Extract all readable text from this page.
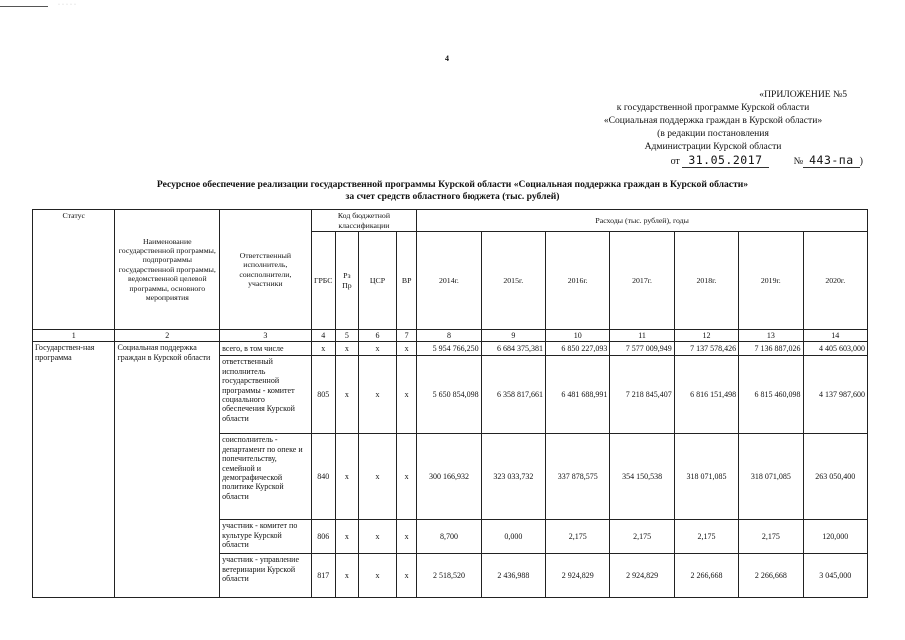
·····
4
«ПРИЛОЖЕНИЕ №5
к государственной программе Курской области
«Социальная поддержка граждан в Курской области»
(в редакции постановления
Администрации Курской области
от 31.05.2017	№ 443-па )
Ресурсное обеспечение реализации государственной программы Курской области «Социальная поддержка граждан в Курской области»
за счет средств областного бюджета (тыс. рублей)
Статус	Наименование государственной программы, подпрограммы государственной программы, ведомственной целевой программы, основного мероприятия	Ответственный исполнитель, соисполнители, участники	Код бюджетной классификации				Расходы (тыс. рублей), годы						
			ГРБС	Рз Пр	ЦСР	ВР	2014г.	2015г.	2016г.	2017г.	2018г.	2019г.	2020г.
1	2	3	4	5	6	7	8	9	10	11	12	13	14
Государствен-ная программа	Социальная поддержка граждан в Курской области	всего, в том числе	х	х	х	х	5 954 766,250	6 684 375,381	6 850 227,093	7 577 009,949	7 137 578,426	7 136 887,026	4 405 603,000
		ответственный исполнитель государственной программы - комитет социального обеспечения Курской области	805	х	х	х	5 650 854,098	6 358 817,661	6 481 688,991	7 218 845,407	6 816 151,498	6 815 460,098	4 137 987,600
		соисполнитель - департамент по опеке и попечительству, семейной и демографической политике Курской области	840	х	х	х	300 166,932	323 033,732	337 878,575	354 150,538	318 071,085	318 071,085	263 050,400
		участник - комитет по культуре Курской области	806	х	х	х	8,700	0,000	2,175	2,175	2,175	2,175	120,000
		участник - управление ветеринарии Курской области	817	х	х	х	2 518,520	2 436,988	2 924,829	2 924,829	2 266,668	2 266,668	3 045,000
